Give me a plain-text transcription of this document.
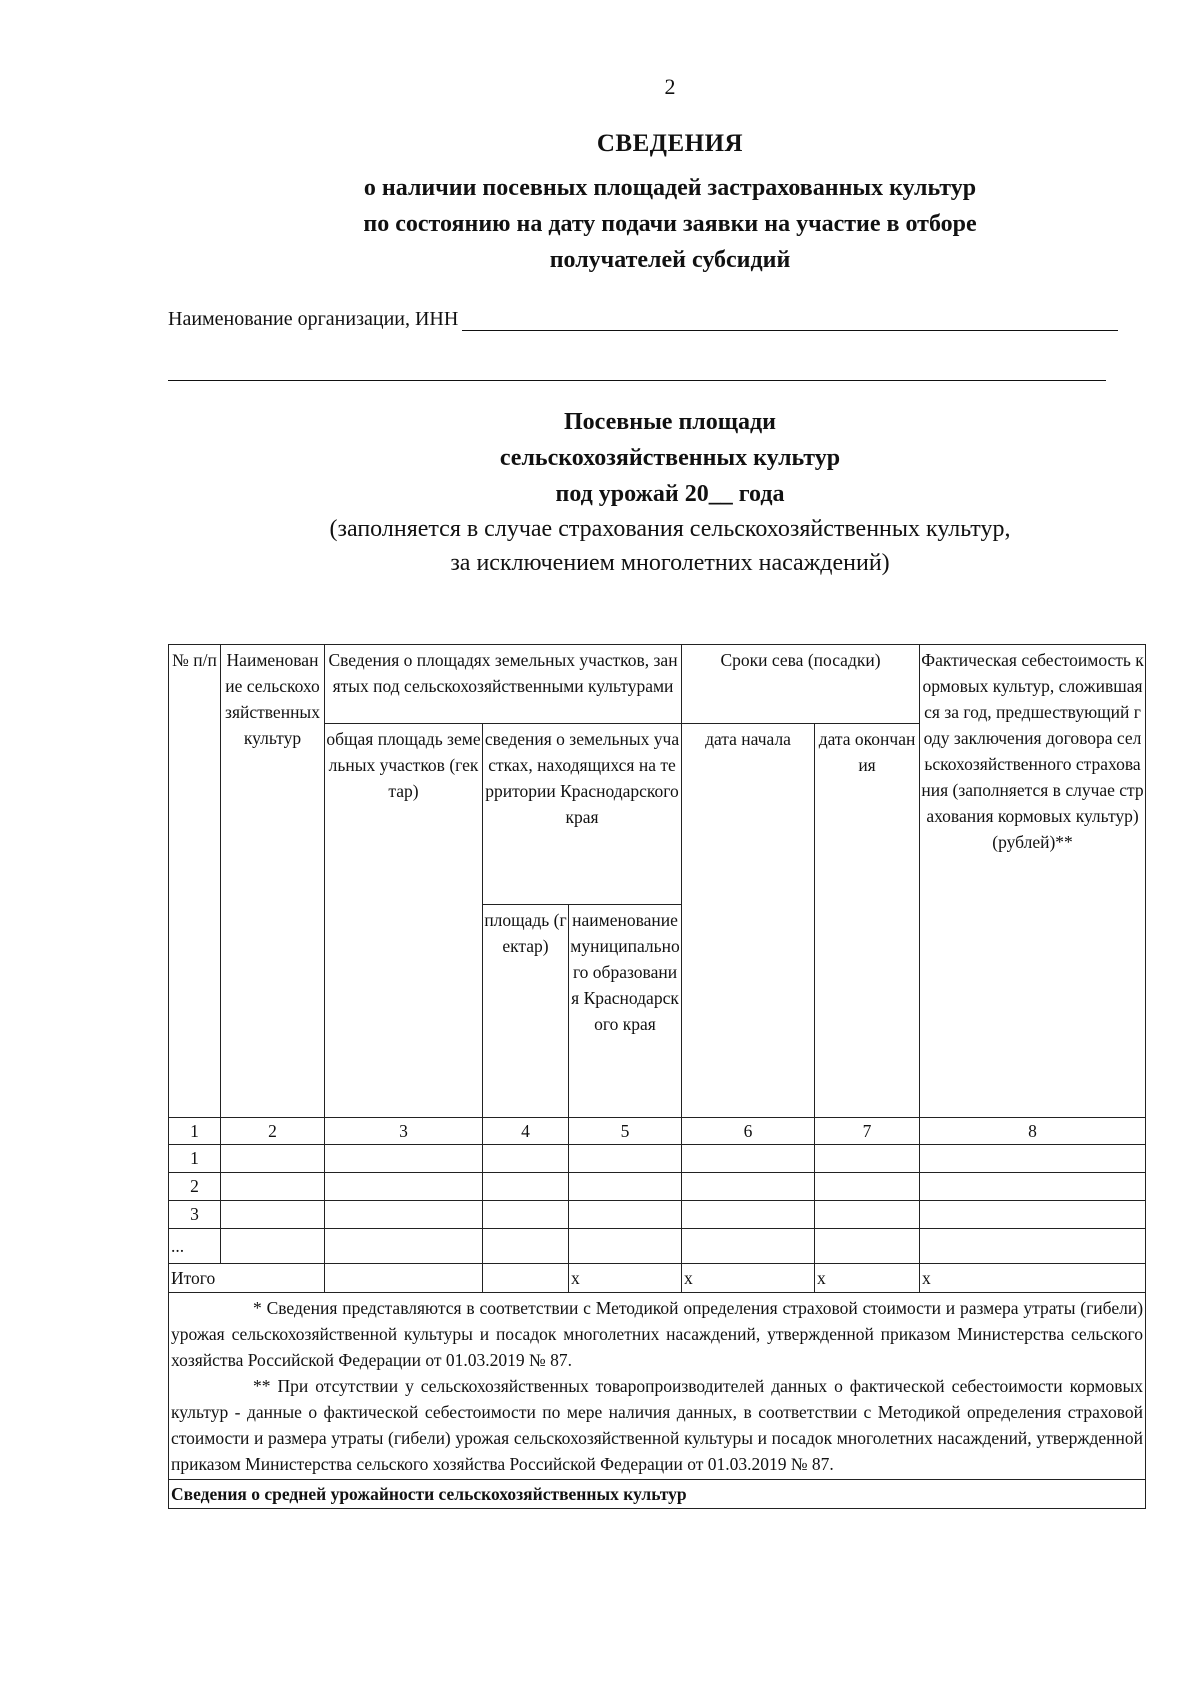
2
СВЕДЕНИЯ
о наличии посевных площадей застрахованных культур
по состоянию на дату подачи заявки на участие в отборе
получателей субсидий
Наименование организации, ИНН
Посевные площади
сельскохозяйственных культур
под урожай 20__ года
(заполняется в случае страхования сельскохозяйственных культур,
за исключением многолетних насаждений)
№ п/п	Наименование сельскохозяйственных культур	Сведения о площадях земельных участков, занятых под сельскохозяйственными культурами			Сроки сева (посадки)		Фактическая себестоимость кормовых культур, сложившаяся за год, предшествующий году заключения договора сельскохозяйственного страхования (заполняется в случае страхования кормовых культур) (рублей)**
		общая площадь земельных участков (гектар)	сведения о земельных участках, находящихся на территории Краснодарского края		дата начала	дата окончания	
			площадь (гектар)	наименование муниципального образования Краснодарского края			
1	2	3	4	5	6	7	8
1							
2							
3							
...							
Итого				x	x	x	x

* Сведения представляются в соответствии с Методикой определения страховой стоимости и размера утраты (гибели) урожая сельскохозяйственной культуры и посадок многолетних насаждений, утвержденной приказом Министерства сельского хозяйства Российской Федерации от 01.03.2019 № 87.

** При отсутствии у сельскохозяйственных товаропроизводителей данных о фактической себестоимости кормовых культур - данные о фактической себестоимости по мере наличия данных, в соответствии с Методикой определения страховой стоимости и размера утраты (гибели) урожая сельскохозяйственной культуры и посадок многолетних насаждений, утвержденной приказом Министерства сельского хозяйства Российской Федерации от 01.03.2019 № 87.							

Сведения о средней урожайности сельскохозяйственных культур							
